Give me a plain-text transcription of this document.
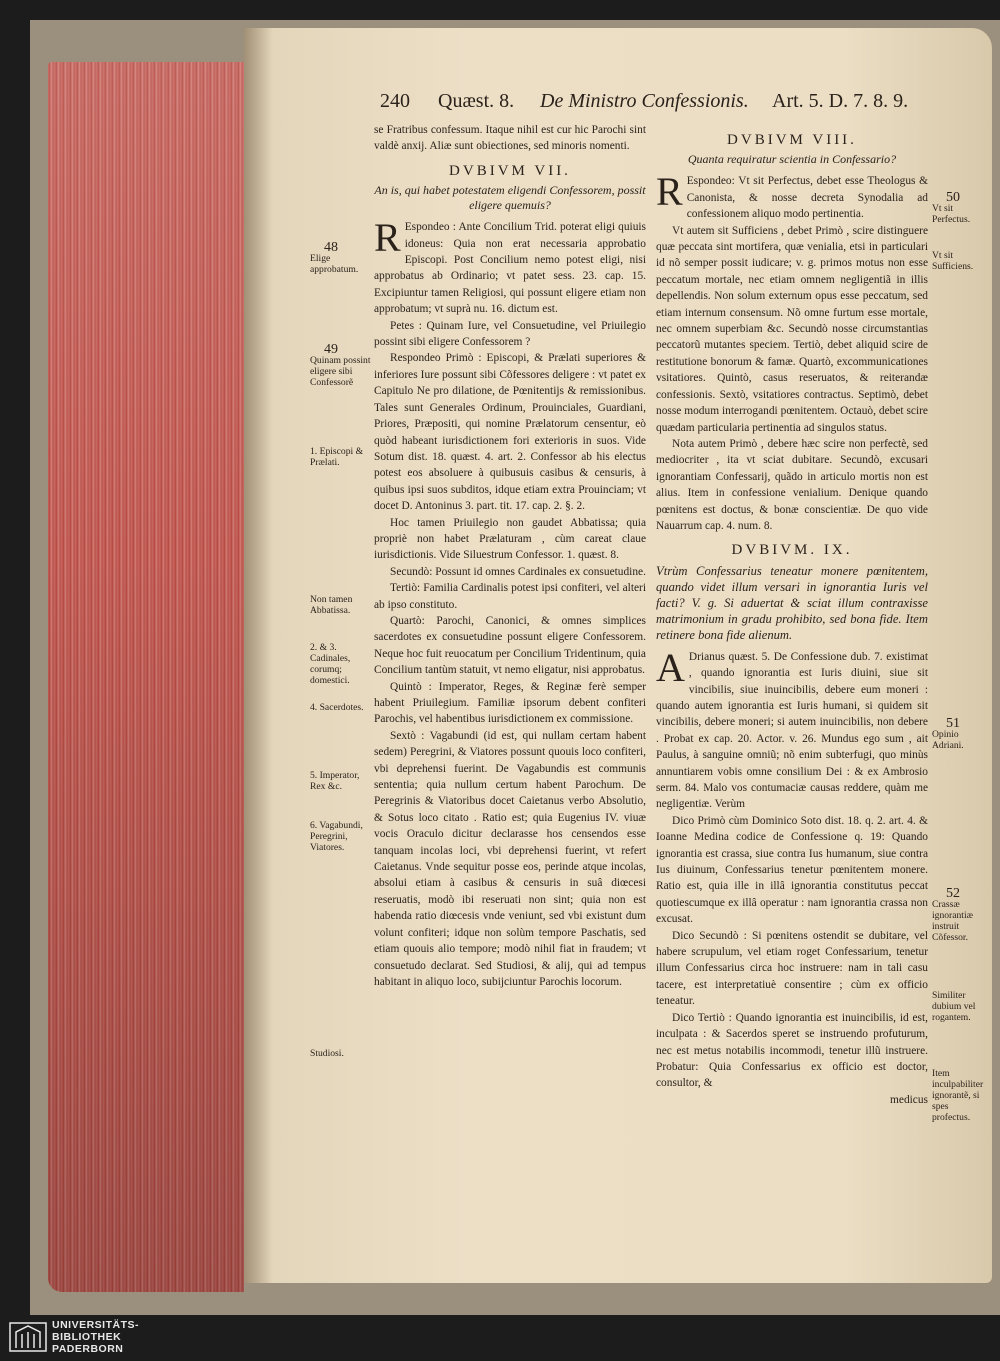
240 Quæst. 8. De Ministro Confessionis. Art. 5. D. 7. 8. 9.

se Fratribus confessum. Itaque nihil est cur hic Parochi sint valdè anxij. Aliæ sunt obiectiones, sed minoris nomenti.

DVBIVM VII.
An is, qui habet potestatem eligendi Confessorem, possit eligere quemuis?

R Espondeo : Ante Concilium Trid. poterat eligi quiuis idoneus: Quia non erat necessaria approbatio Episcopi. Post Concilium nemo potest eligi, nisi approbatus ab Ordinario; vt patet sess. 23. cap. 15. Excipiuntur tamen Religiosi, qui possunt eligere etiam non approbatum; vt suprà nu. 16. dictum est.

Petes : Quinam Iure, vel Consuetudine, vel Priuilegio possint sibi eligere Confessorem ?

Respondeo Primò : Episcopi, & Prælati superiores & inferiores Iure possunt sibi Cõfessores deligere : vt patet ex Capitulo Ne pro dilatione, de Pœnitentijs & remissionibus. Tales sunt Generales Ordinum, Prouinciales, Guardiani, Priores, Præpositi, qui nomine Prælatorum censentur, eò quòd habeant iurisdictionem fori exterioris in suos. Vide Sotum dist. 18. quæst. 4. art. 2. Confessor ab his electus potest eos absoluere à quibusuis casibus & censuris, à quibus ipsi suos subditos, idque etiam extra Prouinciam; vt docet D. Antoninus 3. part. tit. 17. cap. 2. §. 2.

Hoc tamen Priuilegio non gaudet Abbatissa; quia propriè non habet Prælaturam , cùm careat claue iurisdictionis. Vide Siluestrum Confessor. 1. quæst. 8.

Secundò: Possunt id omnes Cardinales ex consuetudine.

Tertiò: Familia Cardinalis potest ipsi confiteri, vel alteri ab ipso constituto.

Quartò: Parochi, Canonici, & omnes simplices sacerdotes ex consuetudine possunt eligere Confessorem. Neque hoc fuit reuocatum per Concilium Tridentinum, quia Concilium tantùm statuit, vt nemo eligatur, nisi approbatus.

Quintò : Imperator, Reges, & Reginæ ferè semper habent Priuilegium. Familiæ ipsorum debent confiteri Parochis, vel habentibus iurisdictionem ex commissione.

Sextò : Vagabundi (id est, qui nullam certam habent sedem) Peregrini, & Viatores possunt quouis loco confiteri, vbi deprehensi fuerint. De Vagabundis est communis sententia; quia nullum certum habent Parochum. De Peregrinis & Viatoribus docet Caietanus verbo Absolutio, & Sotus loco citato . Ratio est; quia Eugenius IV. viuæ vocis Oraculo dicitur declarasse hos censendos esse tanquam incolas loci, vbi deprehensi fuerint, vt refert Caietanus. Vnde sequitur posse eos, perinde atque incolas, absolui etiam à casibus & censuris in suâ diœcesi reseruatis, modò ibi reseruati non sint; quia non est habenda ratio diœcesis vnde veniunt, sed vbi existunt dum volunt confiteri; idque non solùm tempore Paschatis, sed etiam quouis alio tempore; modò nihil fiat in fraudem; vt consuetudo declarat. Sed Studiosi, & alij, qui ad tempus habitant in aliquo loco, subijciuntur Parochis locorum.

DVBIVM VIII.
Quanta requiratur scientia in Confessario?

R Espondeo: Vt sit Perfectus, debet esse Theologus & Canonista, & nosse decreta Synodalia ad confessionem aliquo modo pertinentia.

Vt autem sit Sufficiens , debet Primò , scire distinguere quæ peccata sint mortifera, quæ venialia, etsi in particulari id nõ semper possit iudicare; v. g. primos motus non esse peccatum mortale, nec etiam omnem negligentiã in illis depellendis. Non solum externum opus esse peccatum, sed etiam internum consensum. Nõ omne furtum esse mortale, nec omnem superbiam &c. Secundò nosse circumstantias peccatorũ mutantes speciem. Tertiò, debet aliquid scire de restitutione bonorum & famæ. Quartò, excommunicationes vsitatiores. Quintò, casus reseruatos, & reiterandæ confessionis. Sextò, vsitatiores contractus. Septimò, debet nosse modum interrogandi pœnitentem. Octauò, debet scire quædam particularia pertinentia ad singulos status.

Nota autem Primò , debere hæc scire non perfectè, sed mediocriter , ita vt sciat dubitare. Secundò, excusari ignorantiam Confessarij, quãdo in articulo mortis non est alius. Item in confessione venialium. Denique quando pœnitens est doctus, & bonæ conscientiæ. De quo vide Nauarrum cap. 4. num. 8.

DVBIVM. IX.
Vtrùm Confessarius teneatur monere pœnitentem, quando videt illum versari in ignorantia Iuris vel facti? V. g. Si aduertat & sciat illum contraxisse matrimonium in gradu prohibito, sed bona fide. Item retinere bona fide alienum.

A Drianus quæst. 5. De Confessione dub. 7. existimat , quando ignorantia est Iuris diuini, siue sit vincibilis, siue inuincibilis, debere eum moneri : quando autem ignorantia est Iuris humani, si quidem sit vincibilis, debere moneri; si autem inuincibilis, non debere . Probat ex cap. 20. Actor. v. 26. Mundus ego sum , ait Paulus, à sanguine omniũ; nõ enim subterfugi, quo minùs annuntiarem vobis omne consilium Dei : & ex Ambrosio serm. 84. Malo vos contumaciæ causas reddere, quàm me negligentiæ. Verùm

Dico Primò cùm Dominico Soto dist. 18. q. 2. art. 4. & Ioanne Medina codice de Confessione q. 19: Quando ignorantia est crassa, siue contra Ius humanum, siue contra Ius diuinum, Confessarius tenetur pœnitentem monere. Ratio est, quia ille in illâ ignorantia constitutus peccat quotiescumque ex illâ operatur : nam ignorantia crassa non excusat.

Dico Secundò : Si pœnitens ostendit se dubitare, vel habere scrupulum, vel etiam roget Confessarium, tenetur illum Confessarius circa hoc instruere: nam in tali casu tacere, est interpretatiuè consentire ; cùm ex officio teneatur.

Dico Tertiò : Quando ignorantia est inuincibilis, id est, inculpata : & Sacerdos speret se instruendo profuturum, nec est metus notabilis incommodi, tenetur illũ instruere. Probatur: Quia Confessarius ex officio est doctor, consultor, &

medicus

48
Elige approbatum.
49
Quinam possint eligere sibi Confessorẽ
1. Episcopi & Prælati.
Non tamen Abbatissa.
2. & 3. Cadinales, corumq; domestici.
4. Sacerdotes.
5. Imperator, Rex &c.
6. Vagabundi, Peregrini, Viatores.
Studiosi.
50
Vt sit Perfectus.
Vt sit Sufficiens.
51
Opinio Adriani.
52
Crassæ ignorantiæ instruit Cõfessor.
Similiter dubium vel rogantem.
Item inculpabiliter ignorantẽ, si spes profectus.
UNIVERSITÄTS-
BIBLIOTHEK
PADERBORN
